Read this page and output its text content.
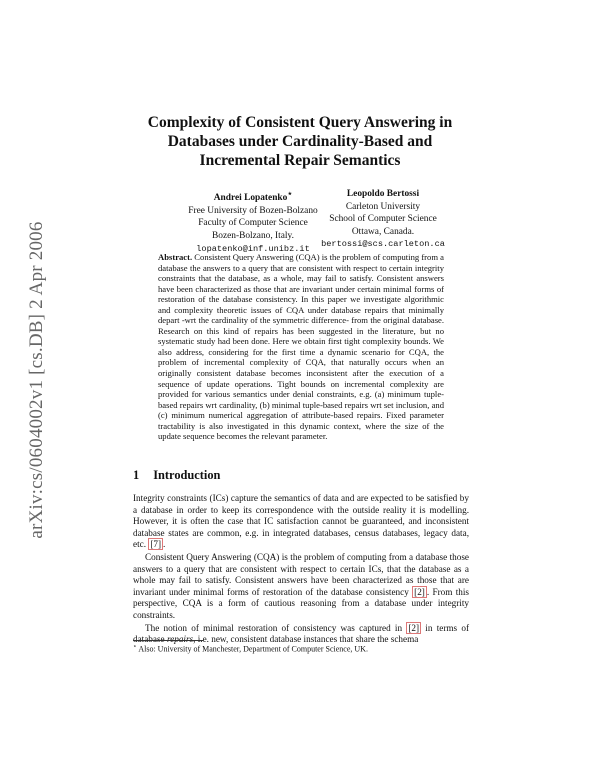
arXiv:cs/0604002v1 [cs.DB] 2 Apr 2006
Complexity of Consistent Query Answering in
Databases under Cardinality-Based and
Incremental Repair Semantics
Andrei Lopatenko⋆
Free University of Bozen-Bolzano
Faculty of Computer Science
Bozen-Bolzano, Italy.
lopatenko@inf.unibz.it
Leopoldo Bertossi
Carleton University
School of Computer Science
Ottawa, Canada.
bertossi@scs.carleton.ca
Abstract. Consistent Query Answering (CQA) is the problem of computing from a database the answers to a query that are consistent with respect to certain integrity constraints that the database, as a whole, may fail to satisfy. Consistent answers have been characterized as those that are invariant under certain minimal forms of restoration of the database consistency. In this paper we investigate algorithmic and complexity theoretic issues of CQA under database repairs that minimally depart -wrt the cardinality of the symmetric difference- from the original database. Research on this kind of repairs has been suggested in the literature, but no systematic study had been done. Here we obtain first tight complexity bounds. We also address, considering for the first time a dynamic scenario for CQA, the problem of incremental complexity of CQA, that naturally occurs when an originally consistent database becomes inconsistent after the execution of a sequence of update operations. Tight bounds on incremental complexity are provided for various semantics under denial constraints, e.g. (a) minimum tuple-based repairs wrt cardinality, (b) minimal tuple-based repairs wrt set inclusion, and (c) minimum numerical aggregation of attribute-based repairs. Fixed parameter tractability is also investigated in this dynamic context, where the size of the update sequence becomes the relevant parameter.
1 Introduction

Integrity constraints (ICs) capture the semantics of data and are expected to be satisfied by a database in order to keep its correspondence with the outside reality it is modelling. However, it is often the case that IC satisfaction cannot be guaranteed, and inconsistent database states are common, e.g. in integrated databases, census databases, legacy data, etc. [7] .

Consistent Query Answering (CQA) is the problem of computing from a database those answers to a query that are consistent with respect to certain ICs, that the database as a whole may fail to satisfy. Consistent answers have been characterized as those that are invariant under minimal forms of restoration of the database consistency [2] . From this perspective, CQA is a form of cautious reasoning from a database under integrity constraints.

The notion of minimal restoration of consistency was captured in [2] in terms of database repairs, i.e. new, consistent database instances that share the schema

⋆ Also: University of Manchester, Department of Computer Science, UK.
